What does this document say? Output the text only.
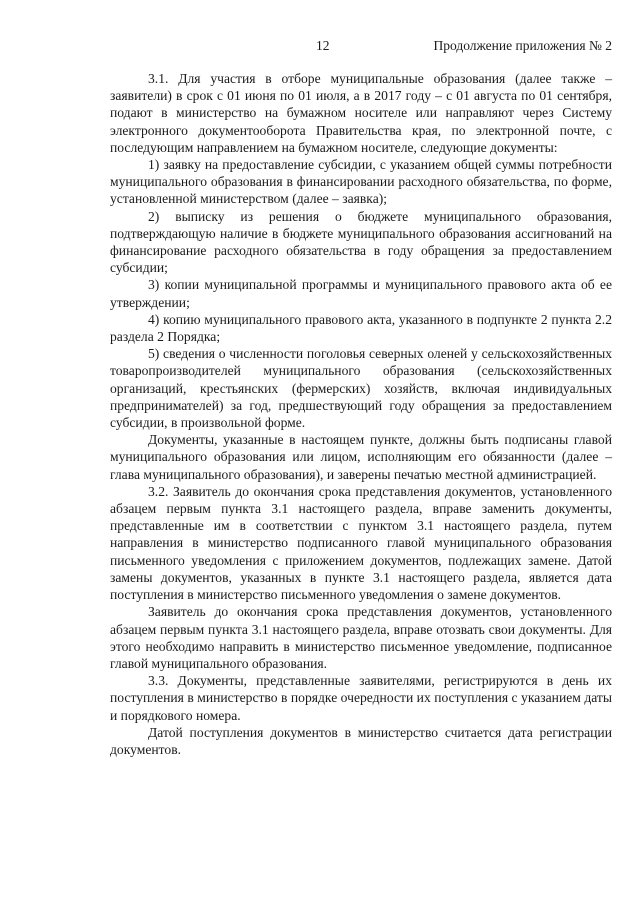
12	Продолжение приложения № 2

3.1. Для участия в отборе муниципальные образования (далее также – заявители) в срок с 01 июня по 01 июля, а в 2017 году – с 01 августа по 01 сентября, подают в министерство на бумажном носителе или направляют через Систему электронного документооборота Правительства края, по электронной почте, с последующим направлением на бумажном носителе, следующие документы:

1) заявку на предоставление субсидии, с указанием общей суммы потребности муниципального образования в финансировании расходного обязательства, по форме, установленной министерством (далее – заявка);

2) выписку из решения о бюджете муниципального образования, подтверждающую наличие в бюджете муниципального образования ассигнований на финансирование расходного обязательства в году обращения за предоставлением субсидии;

3) копии муниципальной программы и муниципального правового акта об ее утверждении;

4) копию муниципального правового акта, указанного в подпункте 2 пункта 2.2 раздела 2 Порядка;

5) сведения о численности поголовья северных оленей у сельскохозяйственных товаропроизводителей муниципального образования (сельскохозяйственных организаций, крестьянских (фермерских) хозяйств, включая индивидуальных предпринимателей) за год, предшествующий году обращения за предоставлением субсидии, в произвольной форме.

Документы, указанные в настоящем пункте, должны быть подписаны главой муниципального образования или лицом, исполняющим его обязанности (далее – глава муниципального образования), и заверены печатью местной администрацией.

3.2. Заявитель до окончания срока представления документов, установленного абзацем первым пункта 3.1 настоящего раздела, вправе заменить документы, представленные им в соответствии с пунктом 3.1 настоящего раздела, путем направления в министерство подписанного главой муниципального образования письменного уведомления с приложением документов, подлежащих замене. Датой замены документов, указанных в пункте 3.1 настоящего раздела, является дата поступления в министерство письменного уведомления о замене документов.

Заявитель до окончания срока представления документов, установленного абзацем первым пункта 3.1 настоящего раздела, вправе отозвать свои документы. Для этого необходимо направить в министерство письменное уведомление, подписанное главой муниципального образования.

3.3. Документы, представленные заявителями, регистрируются в день их поступления в министерство в порядке очередности их поступления с указанием даты и порядкового номера.

Датой поступления документов в министерство считается дата регистрации документов.
